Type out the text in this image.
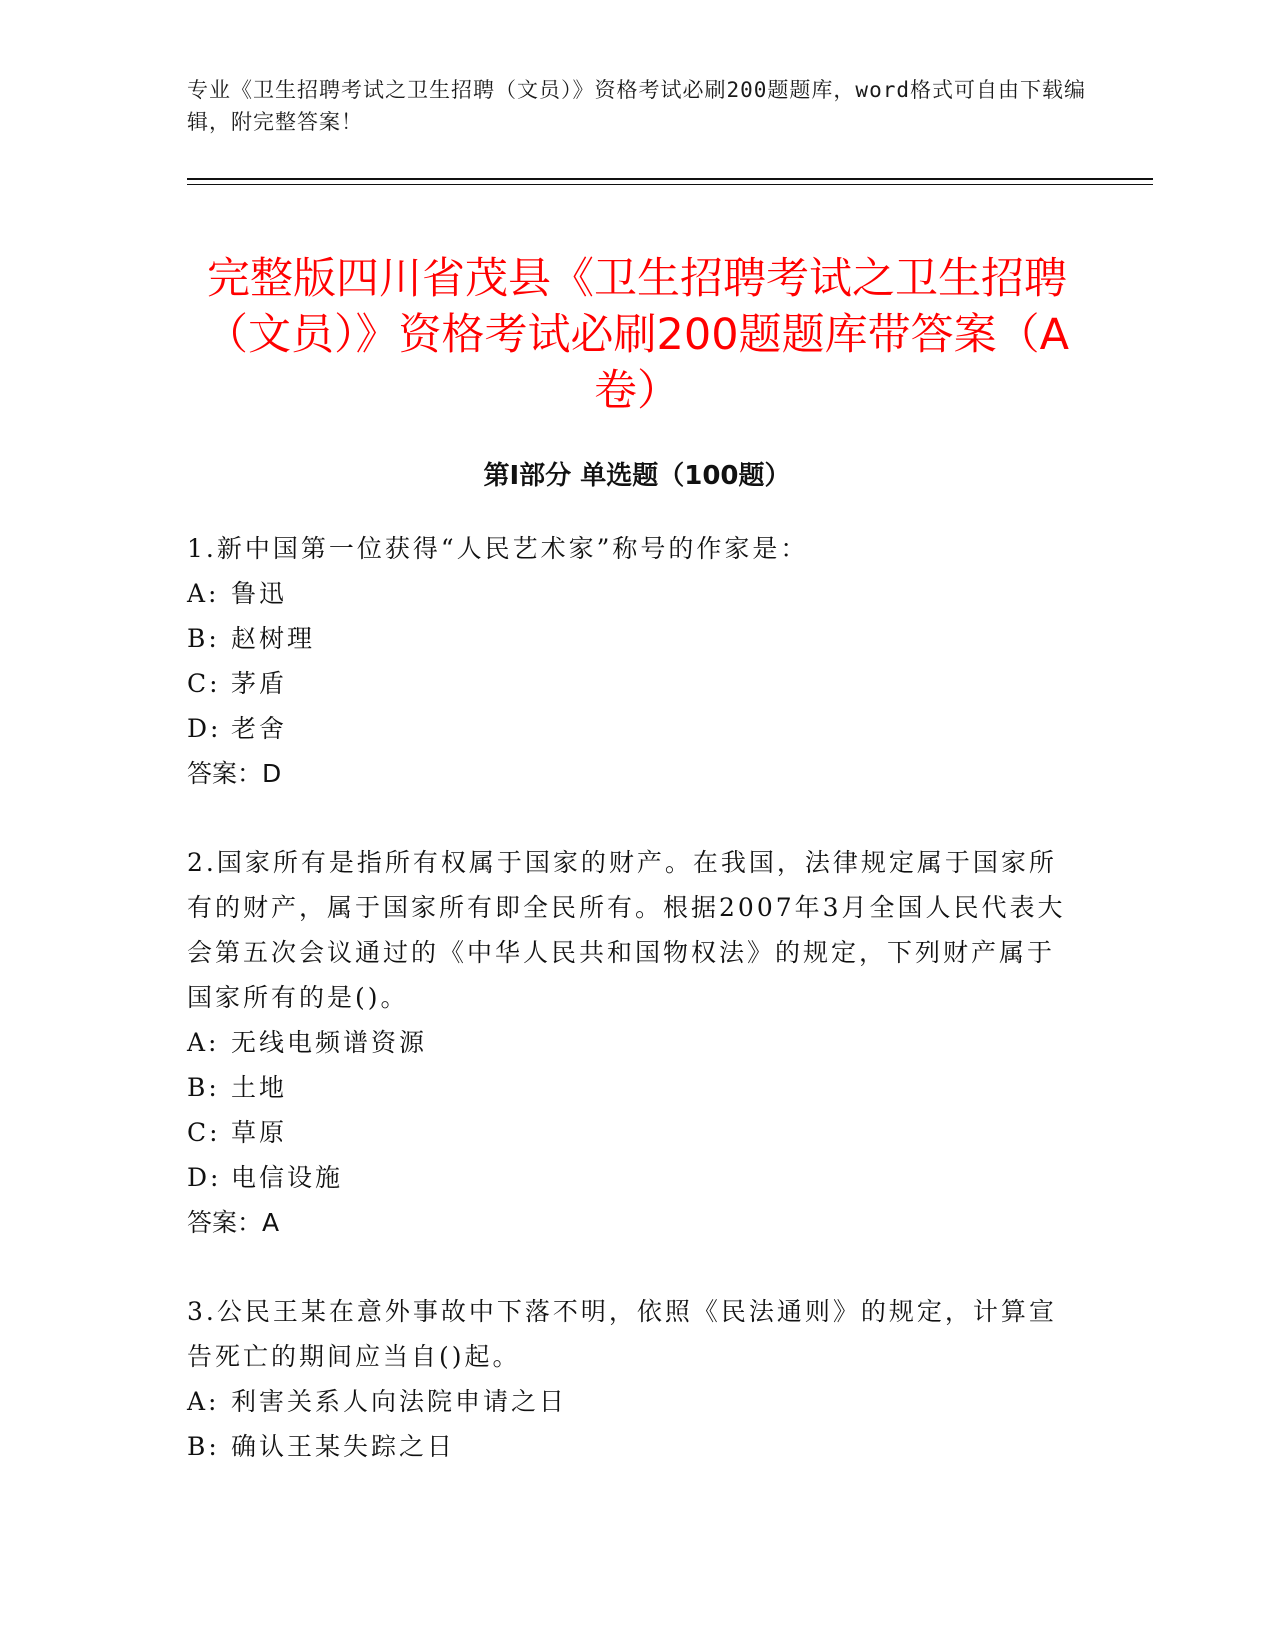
专业《卫生招聘考试之卫生招聘（文员）》资格考试必刷200题题库，word格式可自由下载编辑，附完整答案！
完整版四川省茂县《卫生招聘考试之卫生招聘（文员）》资格考试必刷200题题库带答案（A卷）
第I部分 单选题（100题）

1.新中国第一位获得“人民艺术家”称号的作家是：

A: 鲁迅

B: 赵树理

C: 茅盾

D: 老舍

答案：D

2.国家所有是指所有权属于国家的财产。在我国，法律规定属于国家所有的财产，属于国家所有即全民所有。根据2007年3月全国人民代表大会第五次会议通过的《中华人民共和国物权法》的规定，下列财产属于国家所有的是()。

A: 无线电频谱资源

B: 土地

C: 草原

D: 电信设施

答案：A

3.公民王某在意外事故中下落不明，依照《民法通则》的规定，计算宣告死亡的期间应当自()起。

A: 利害关系人向法院申请之日

B: 确认王某失踪之日
